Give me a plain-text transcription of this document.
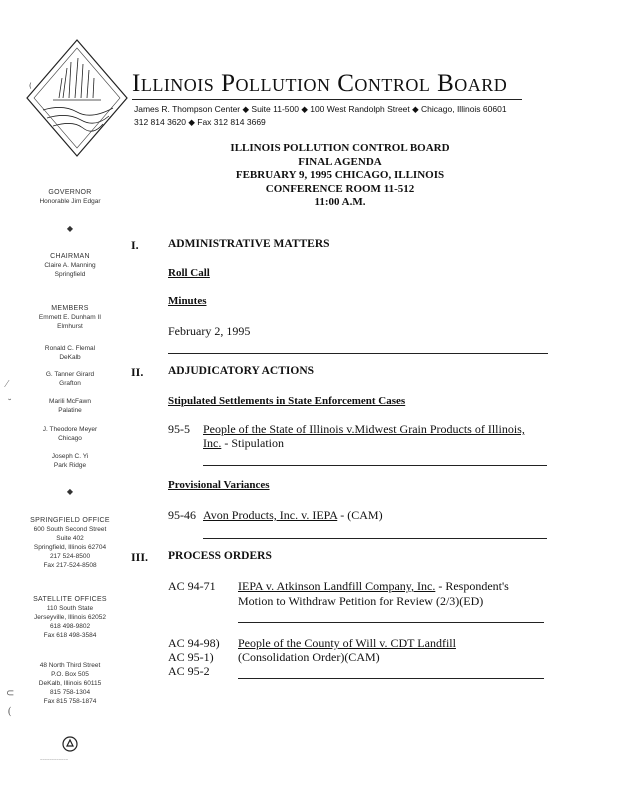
(	Illinois Pollution Control Board
James R. Thompson Center ◆ Suite 11-500 ◆ 100 West Randolph Street ◆ Chicago, Illinois 60601
312 814 3620 ◆ Fax 312 814 3669
ILLINOIS POLLUTION CONTROL BOARD
FINAL AGENDA
FEBRUARY 9, 1995 CHICAGO, ILLINOIS
CONFERENCE ROOM 11-512
11:00 A.M.
GOVERNOR
Honorable Jim Edgar
◆
CHAIRMAN
Claire A. Manning
Springfield
MEMBERS
Emmett E. Dunham II
Elmhurst
Ronald C. Flemal
DeKalb
G. Tanner Girard
Grafton
Marili McFawn
Palatine
J. Theodore Meyer
Chicago
Joseph C. Yi
Park Ridge
◆
SPRINGFIELD OFFICE
600 South Second Street
Suite 402
Springfield, Illinois 62704
217 524-8500
Fax 217-524-8508
SATELLITE OFFICES
110 South State
Jerseyville, Illinois 62052
618 498-9802
Fax 618 498-3584
48 North Third Street
P.O. Box 505
DeKalb, Illinois 60115
815 758-1304
Fax 815 758-1874
⁄
˘
⊂
(
~~~~~~~~~~~~
I.	ADMINISTRATIVE MATTERS
Roll Call
Minutes
February 2, 1995
II. ADJUDICATORY ACTIONS
Stipulated Settlements in State Enforcement Cases
95-5 People of the State of Illinois v.Midwest Grain Products of Illinois,
Inc. - Stipulation
Provisional Variances
95-46 Avon Products, Inc. v. IEPA - (CAM)
III. PROCESS ORDERS
AC 94-71 IEPA v. Atkinson Landfill Company, Inc. - Respondent's
Motion to Withdraw Petition for Review (2/3)(ED)
AC 94-98)
AC 95-1)
AC 95-2
People of the County of Will v. CDT Landfill
(Consolidation Order)(CAM)
